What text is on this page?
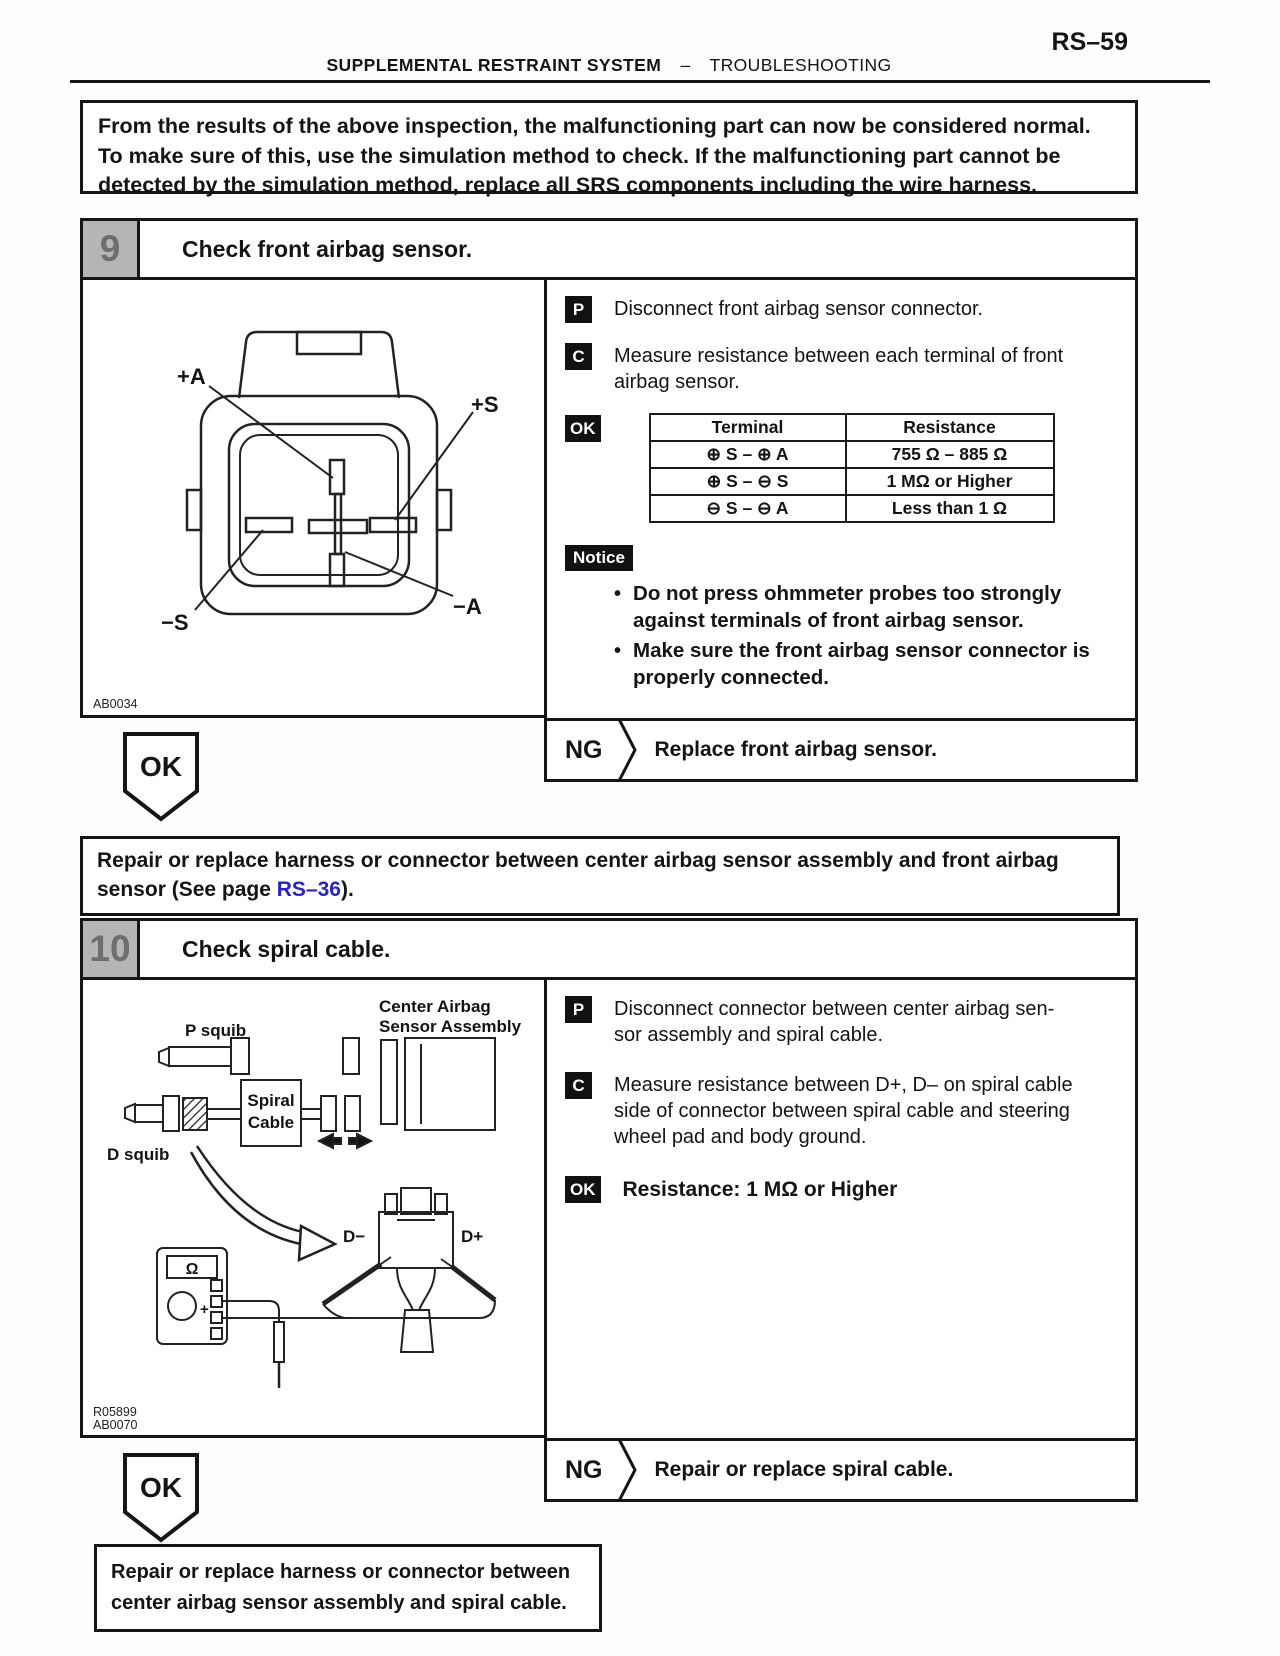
RS–59
SUPPLEMENTAL RESTRAINT SYSTEM – TROUBLESHOOTING
From the results of the above inspection, the malfunctioning part can now be considered normal. To make sure of this, use the simulation method to check. If the malfunctioning part cannot be detected by the simulation method, replace all SRS components including the wire harness.
9	Check front airbag sensor.
+A
+S
−S
−A
AB0034
P	Disconnect front airbag sensor connector.
C	Measure resistance between each terminal of front airbag sensor.
OK	Terminal	Resistance
⊕ S – ⊕ A	755 Ω – 885 Ω
⊕ S – ⊖ S	1 MΩ or Higher
⊖ S – ⊖ A	Less than 1 Ω
Notice
• Do not press ohmmeter probes too strongly against terminals of front airbag sensor.
• Make sure the front airbag sensor connector is properly connected.
NG Replace front airbag sensor.
OK
Repair or replace harness or connector between center airbag sensor assembly and front airbag sensor (See page RS–36).
10	Check spiral cable.
Center Airbag
Sensor Assembly
P squib
D squib
Spiral
Cable
D−	D+
Ω
+
R05899
AB0070
P	Disconnect connector between center airbag sen-
sor assembly and spiral cable.
C	Measure resistance between D+, D– on spiral cable
side of connector between spiral cable and steering
wheel pad and body ground.
OK Resistance: 1 MΩ or Higher
NG Repair or replace spiral cable.
OK
Repair or replace harness or connector between
center airbag sensor assembly and spiral cable.
